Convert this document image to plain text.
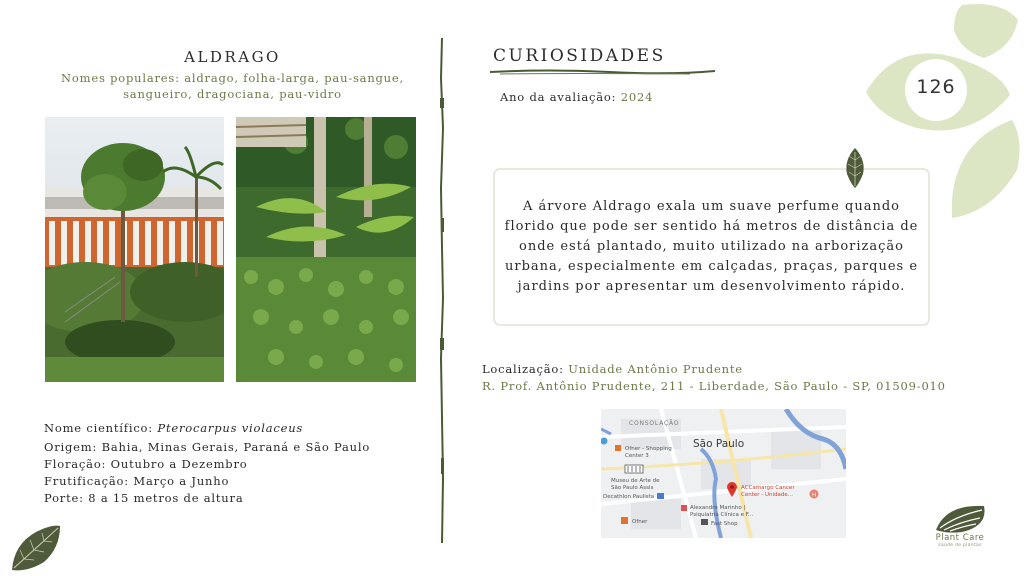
ALDRAGO
Nomes populares: aldrago, folha-larga, pau-sangue, sangueiro, dragociana, pau-vidro
Nome científico: Pterocarpus violaceus
Origem: Bahia, Minas Gerais, Paraná e São Paulo
Floração: Outubro a Dezembro
Frutificação: Março a Junho
Porte: 8 a 15 metros de altura
CURIOSIDADES
Ano da avaliação: 2024

A árvore Aldrago exala um suave perfume quando florido que pode ser sentido há metros de distância de onde está plantado, muito utilizado na arborização urbana, especialmente em calçadas, praças, parques e jardins por apresentar um desenvolvimento rápido.

Localização: Unidade Antônio Prudente
R. Prof. Antônio Prudente, 211 - Liberdade, São Paulo - SP, 01509-010
CONSOLAÇÃO
São Paulo
Ofner - Shopping
Center 3
Museu de Arte de
São Paulo Assis
Decathlon Paulista
Alexandre Marinho |
Psiquiatria Clínica e F...
ACCamargo Cancer
Center - Unidade...	H
Ofner	Fast Shop
126
Plant Care
saúde de plantas
